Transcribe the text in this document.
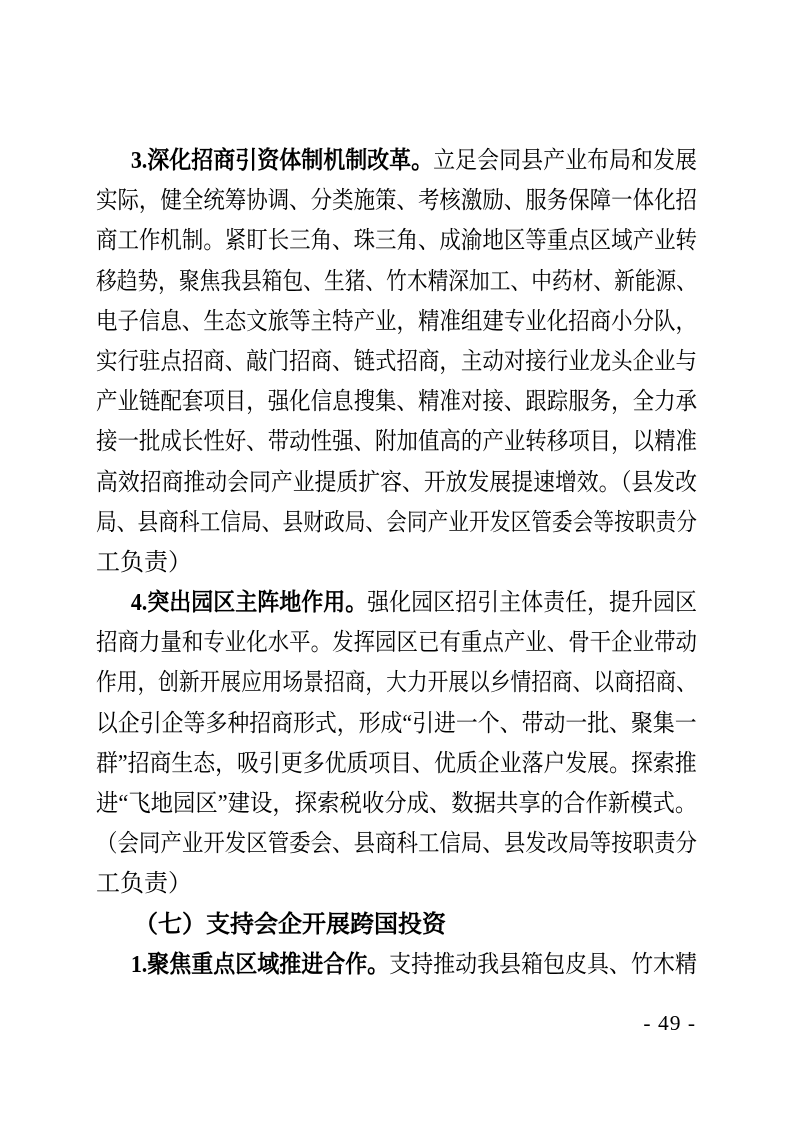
3.深化招商引资体制机制改革。立足会同县产业布局和发展
实际，健全统筹协调、分类施策、考核激励、服务保障一体化招
商工作机制。紧盯长三角、珠三角、成渝地区等重点区域产业转
移趋势，聚焦我县箱包、生猪、竹木精深加工、中药材、新能源、
电子信息、生态文旅等主特产业，精准组建专业化招商小分队，
实行驻点招商、敲门招商、链式招商，主动对接行业龙头企业与
产业链配套项目，强化信息搜集、精准对接、跟踪服务，全力承
接一批成长性好、带动性强、附加值高的产业转移项目，以精准
高效招商推动会同产业提质扩容、开放发展提速增效。（县发改
局、县商科工信局、县财政局、会同产业开发区管委会等按职责分
工负责）
4.突出园区主阵地作用。强化园区招引主体责任，提升园区
招商力量和专业化水平。发挥园区已有重点产业、骨干企业带动
作用，创新开展应用场景招商，大力开展以乡情招商、以商招商、
以企引企等多种招商形式，形成“引进一个、带动一批、聚集一
群”招商生态，吸引更多优质项目、优质企业落户发展。探索推
进“飞地园区”建设，探索税收分成、数据共享的合作新模式。
（会同产业开发区管委会、县商科工信局、县发改局等按职责分
工负责）
（七）支持会企开展跨国投资
1.聚焦重点区域推进合作。支持推动我县箱包皮具、竹木精
- 49 -
